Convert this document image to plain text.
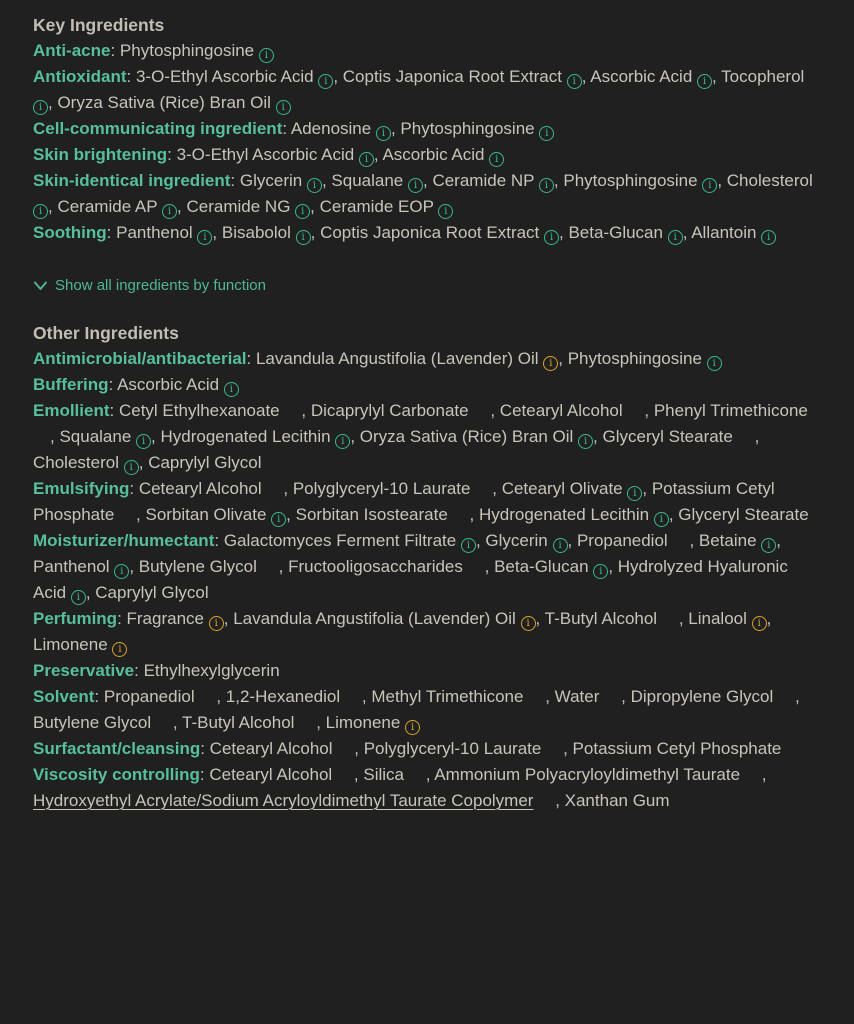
Key Ingredients

Anti-acne: Phytosphingosine i

Antioxidant: 3-O-Ethyl Ascorbic Acid i , Coptis Japonica Root Extract i , Ascorbic Acid i , Tocopherol i , Oryza Sativa (Rice) Bran Oil i

Cell-communicating ingredient: Adenosine i , Phytosphingosine i

Skin brightening: 3-O-Ethyl Ascorbic Acid i , Ascorbic Acid i

Skin-identical ingredient: Glycerin i , Squalane i , Ceramide NP i , Phytosphingosine i , Cholesterol i , Ceramide AP i , Ceramide NG i , Ceramide EOP i

Soothing: Panthenol i , Bisabolol i , Coptis Japonica Root Extract i , Beta-Glucan i , Allantoin i

Show all ingredients by function
Other Ingredients

Antimicrobial/antibacterial: Lavandula Angustifolia (Lavender) Oil i , Phytosphingosine i

Buffering: Ascorbic Acid i

Emollient: Cetyl Ethylhexanoate , Dicaprylyl Carbonate , Cetearyl Alcohol , Phenyl Trimethicone , Squalane i , Hydrogenated Lecithin i , Oryza Sativa (Rice) Bran Oil i , Glyceryl Stearate , Cholesterol i , Caprylyl Glycol

Emulsifying: Cetearyl Alcohol , Polyglyceryl-10 Laurate , Cetearyl Olivate i , Potassium Cetyl Phosphate , Sorbitan Olivate i , Sorbitan Isostearate , Hydrogenated Lecithin i , Glyceryl Stearate

Moisturizer/humectant: Galactomyces Ferment Filtrate i , Glycerin i , Propanediol , Betaine i , Panthenol i , Butylene Glycol , Fructooligosaccharides , Beta-Glucan i , Hydrolyzed Hyaluronic Acid i , Caprylyl Glycol

Perfuming: Fragrance i , Lavandula Angustifolia (Lavender) Oil i , T-Butyl Alcohol , Linalool i , Limonene i

Preservative: Ethylhexylglycerin

Solvent: Propanediol , 1,2-Hexanediol , Methyl Trimethicone , Water , Dipropylene Glycol , Butylene Glycol , T-Butyl Alcohol , Limonene i

Surfactant/cleansing: Cetearyl Alcohol , Polyglyceryl-10 Laurate , Potassium Cetyl Phosphate

Viscosity controlling: Cetearyl Alcohol , Silica , Ammonium Polyacryloyldimethyl Taurate , Hydroxyethyl Acrylate/Sodium Acryloyldimethyl Taurate Copolymer , Xanthan Gum
